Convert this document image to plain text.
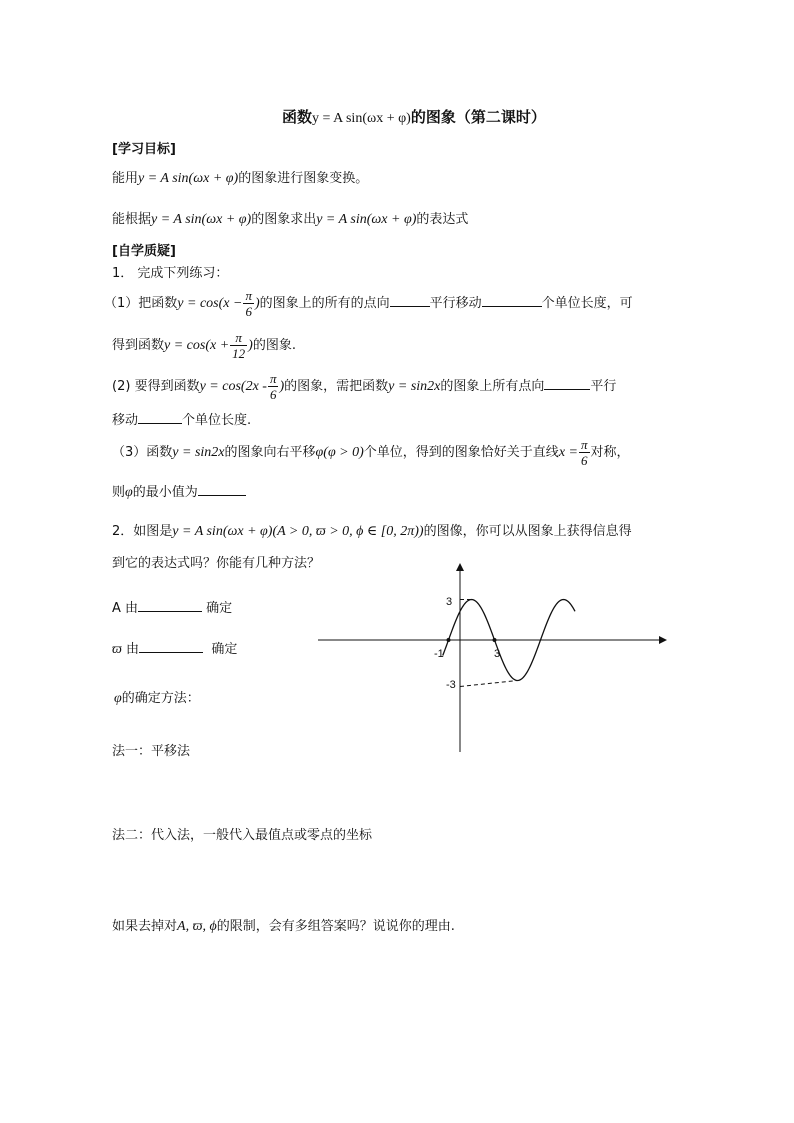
函数y = A sin(ωx + φ)的图象（第二课时）
[学习目标]
能用y = A sin(ωx + φ)的图象进行图象变换。
能根据y = A sin(ωx + φ)的图象求出y = A sin(ωx + φ)的表达式
[自学质疑]
1． 完成下列练习：
（1）把函数$y = \cos(x - \frac{\pi}{6}$ )的图象上的所有的点向	平行移动	个单位长度，可
得到函数$y = \cos(x + \frac{\pi}{12}$ )的图象.
(2) 要得到函数$y = \cos(2x - \frac{\pi}{6}$ )的图象，需把函数y = sin2x的图象上所有点向	平行
移动	个单位长度.
（3）函数y = sin2x的图象向右平移φ(φ > 0)个单位，得到的图象恰好关于直线$x = \frac{\pi}{6}$ 对称，
则φ的最小值为
2．如图是y = A sin(ωx + φ)(A > 0, ϖ > 0, ϕ ∈ [0, 2π))的图像，你可以从图象上获得信息得
到它的表达式吗？你能有几种方法？
A 由	确定
ϖ 由	确定
φ的确定方法：
法一：平移法
法二：代入法，一般代入最值点或零点的坐标
如果去掉对A, ϖ, ϕ的限制，会有多组答案吗？说说你的理由.
3
-3
-1	3
